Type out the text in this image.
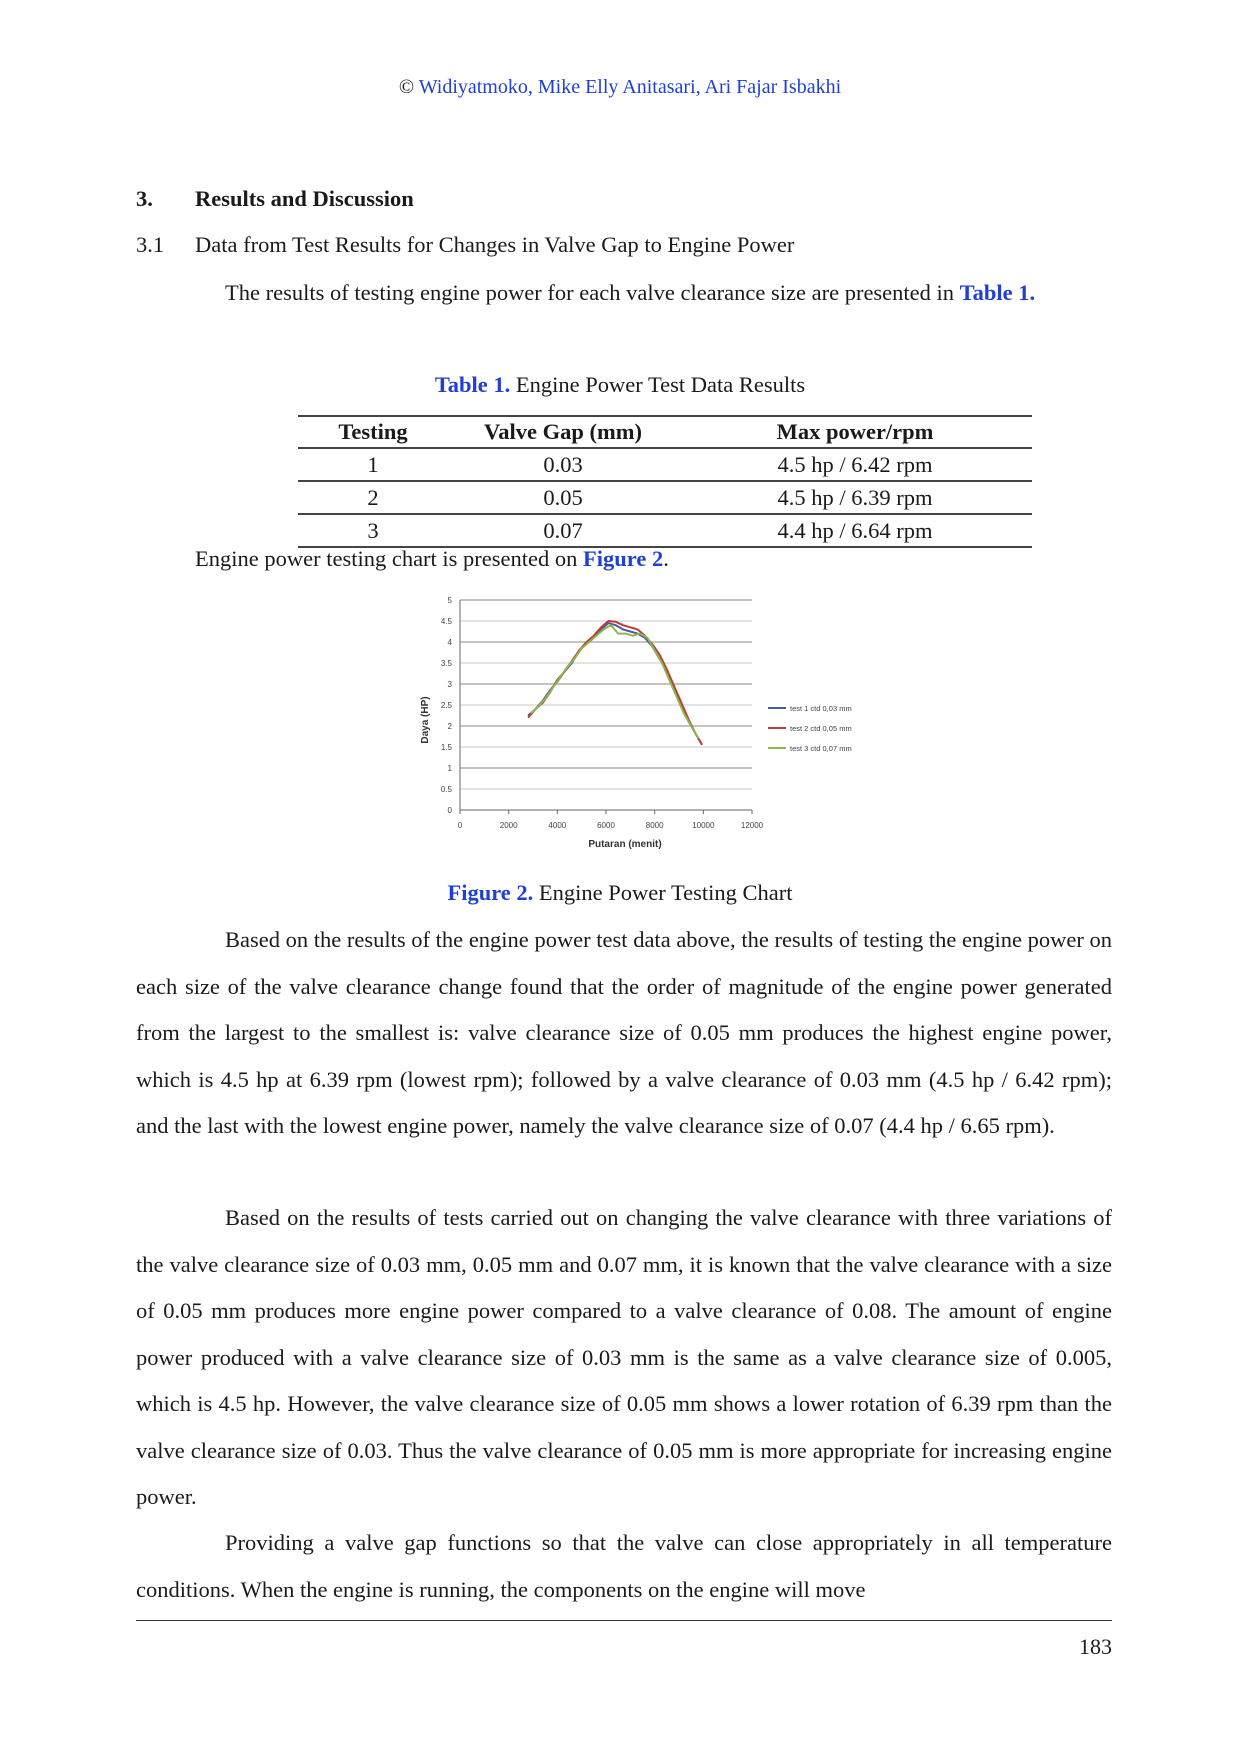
© Widiyatmoko, Mike Elly Anitasari, Ari Fajar Isbakhi
3. Results and Discussion
3.1 Data from Test Results for Changes in Valve Gap to Engine Power

The results of testing engine power for each valve clearance size are presented in Table 1.

Table 1. Engine Power Test Data Results
Testing	Valve Gap (mm)	Max power/rpm
1	0.03	4.5 hp / 6.42 rpm
2	0.05	4.5 hp / 6.39 rpm
3	0.07	4.4 hp / 6.64 rpm
Engine power testing chart is presented on Figure 2.
0
0.5
1
1.5
2
2.5
3
3.5
4
4.5
5
0	2000	4000	6000	8000	10000	12000
test 1 ctd 0,03 mm
test 2 ctd 0,05 mm
test 3 ctd 0,07 mm
Putaran (menit)
Daya (HP)
Figure 2. Engine Power Testing Chart

Based on the results of the engine power test data above, the results of testing the engine power on each size of the valve clearance change found that the order of magnitude of the engine power generated from the largest to the smallest is: valve clearance size of 0.05 mm produces the highest engine power, which is 4.5 hp at 6.39 rpm (lowest rpm); followed by a valve clearance of 0.03 mm (4.5 hp / 6.42 rpm); and the last with the lowest engine power, namely the valve clearance size of 0.07 (4.4 hp / 6.65 rpm).

Based on the results of tests carried out on changing the valve clearance with three variations of the valve clearance size of 0.03 mm, 0.05 mm and 0.07 mm, it is known that the valve clearance with a size of 0.05 mm produces more engine power compared to a valve clearance of 0.08. The amount of engine power produced with a valve clearance size of 0.03 mm is the same as a valve clearance size of 0.005, which is 4.5 hp. However, the valve clearance size of 0.05 mm shows a lower rotation of 6.39 rpm than the valve clearance size of 0.03. Thus the valve clearance of 0.05 mm is more appropriate for increasing engine power.

Providing a valve gap functions so that the valve can close appropriately in all temperature conditions. When the engine is running, the components on the engine will move

183
